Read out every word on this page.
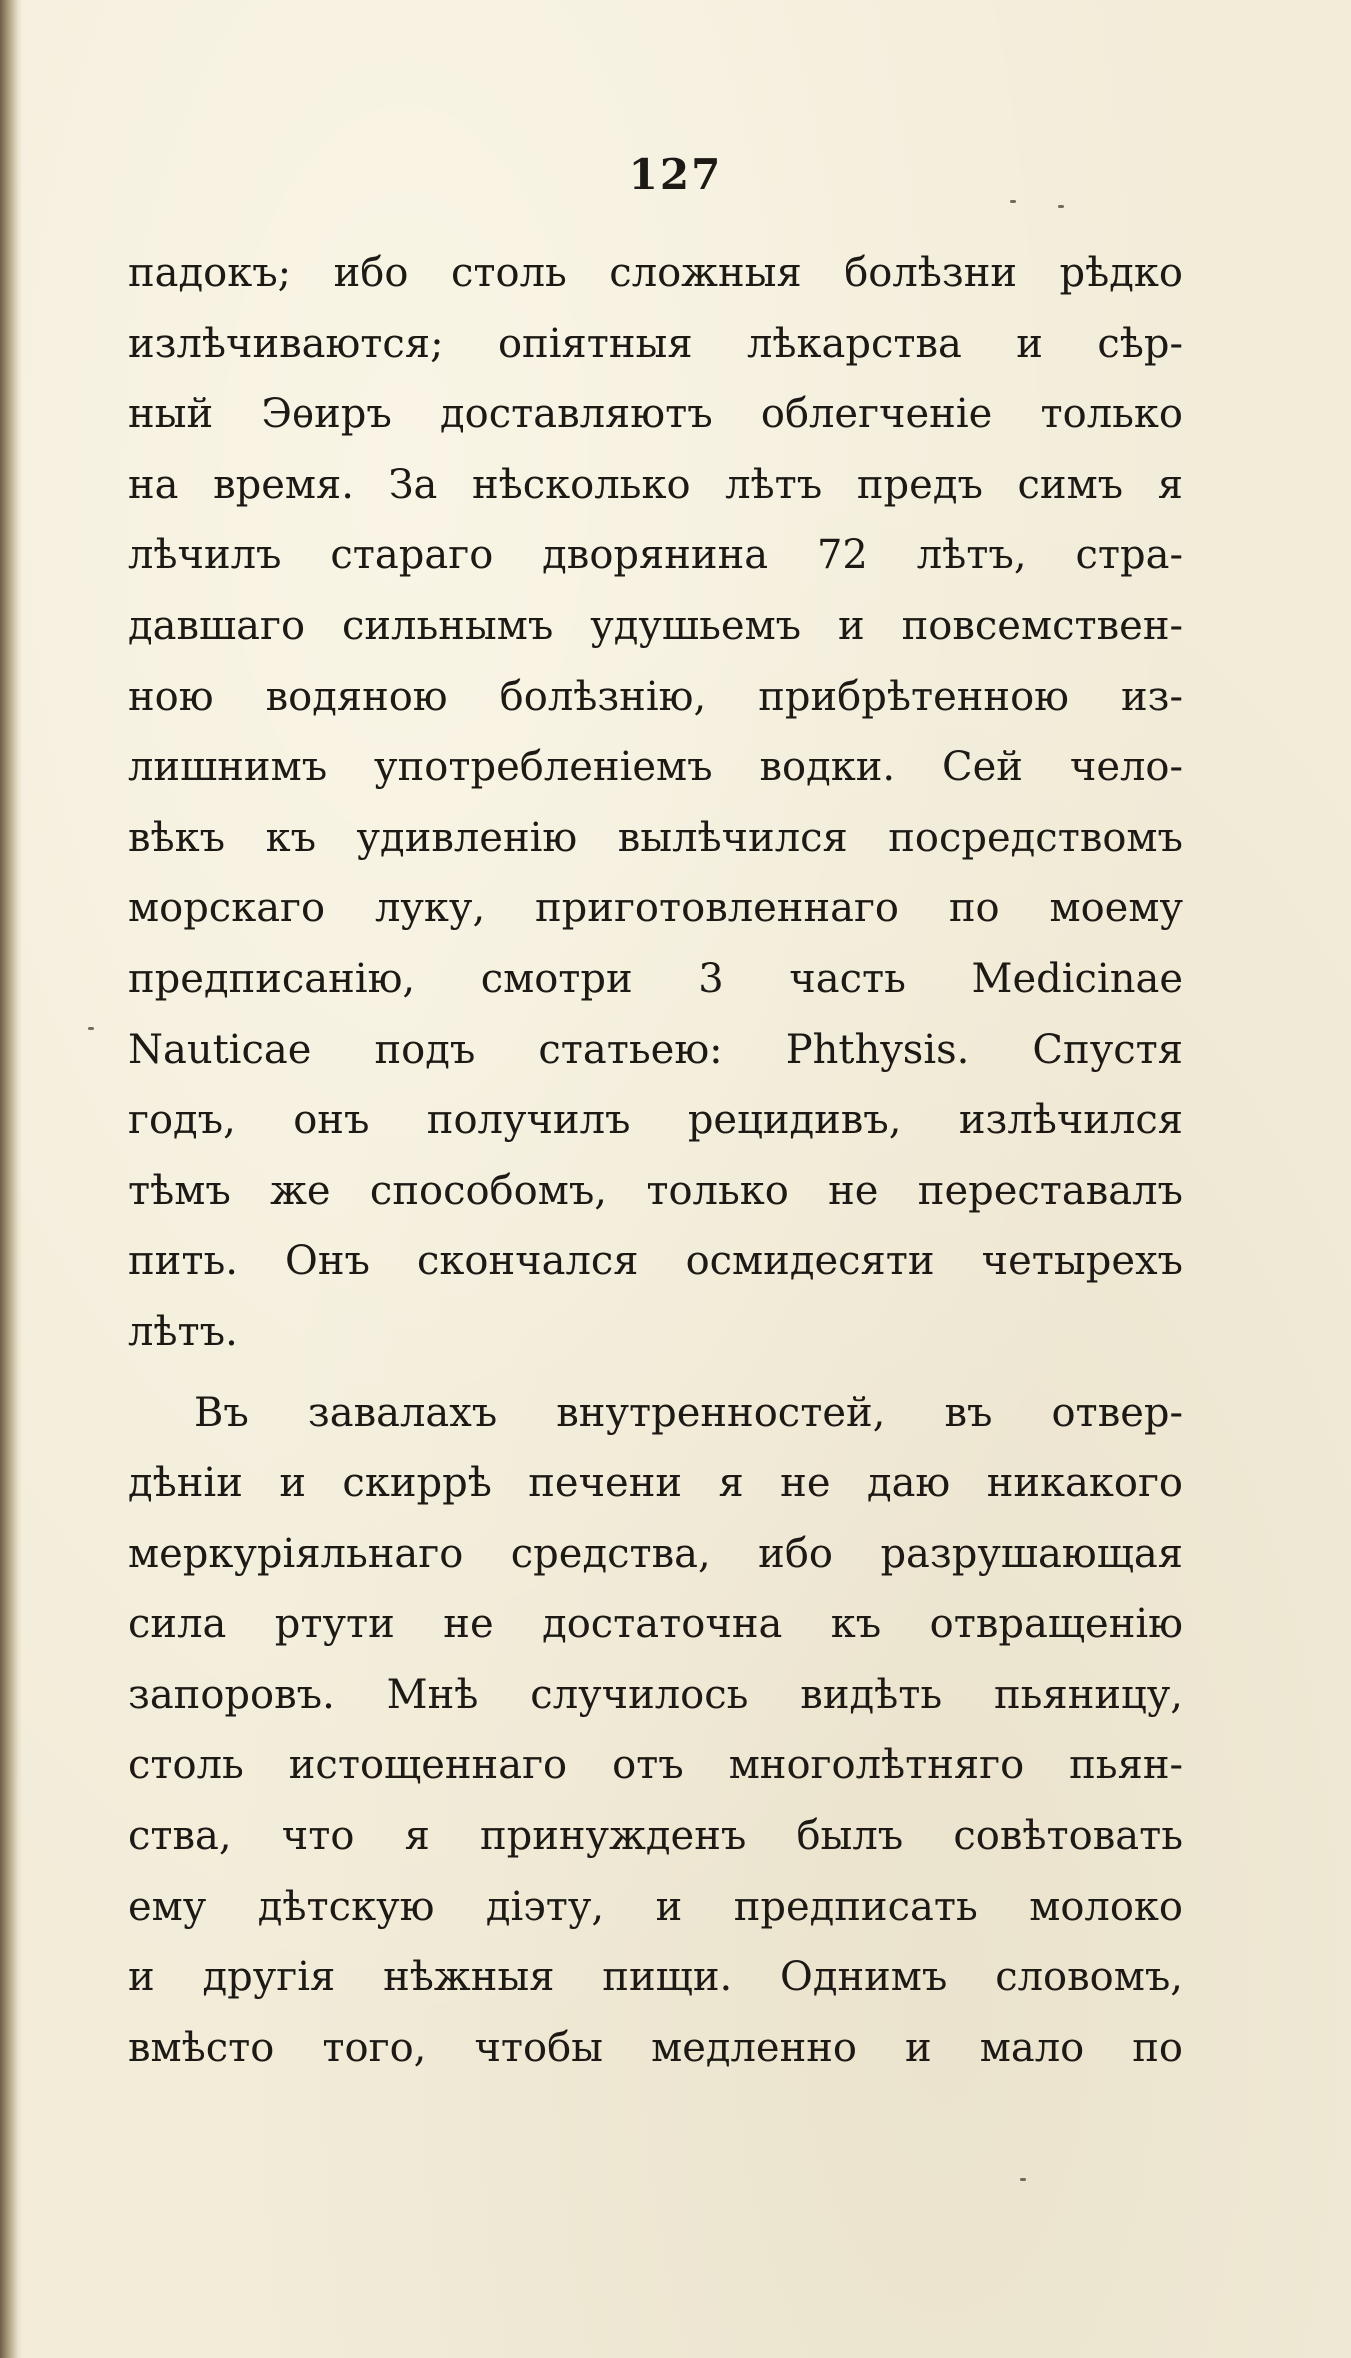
127
падокъ; ибо столь сложныя болѣзни рѣдко
излѣчиваются; опiятныя лѣкарства и сѣр-
ный Эѳиръ доставляютъ облегченiе только
на время. За нѣсколько лѣтъ предъ симъ я
лѣчилъ стараго дворянина 72 лѣтъ, стра-
давшаго сильнымъ удушьемъ и повсемствен-
ною водяною болѣзнiю, прибрѣтенною из-
лишнимъ употребленiемъ водки. Сей чело-
вѣкъ къ удивленiю вылѣчился посредствомъ
морскаго луку, приготовленнаго по моему
предписанiю, смотри 3 часть Medicinae
Nauticae подъ статьею: Phthysis. Спустя
годъ, онъ получилъ рецидивъ, излѣчился
тѣмъ же способомъ, только не переставалъ
пить. Онъ скончался осмидесяти четырехъ
лѣтъ.
Въ завалахъ внутренностей, въ отвер-
дѣнiи и скиррѣ печени я не даю никакого
меркурiяльнаго средства, ибо разрушающая
сила ртути не достаточна къ отвращенiю
запоровъ. Мнѣ случилось видѣть пьяницу,
столь истощеннаго отъ многолѣтняго пьян-
ства, что я принужденъ былъ совѣтовать
ему дѣтскую дiэту, и предписать молоко
и другiя нѣжныя пищи. Однимъ словомъ,
вмѣсто того, чтобы медленно и мало по
